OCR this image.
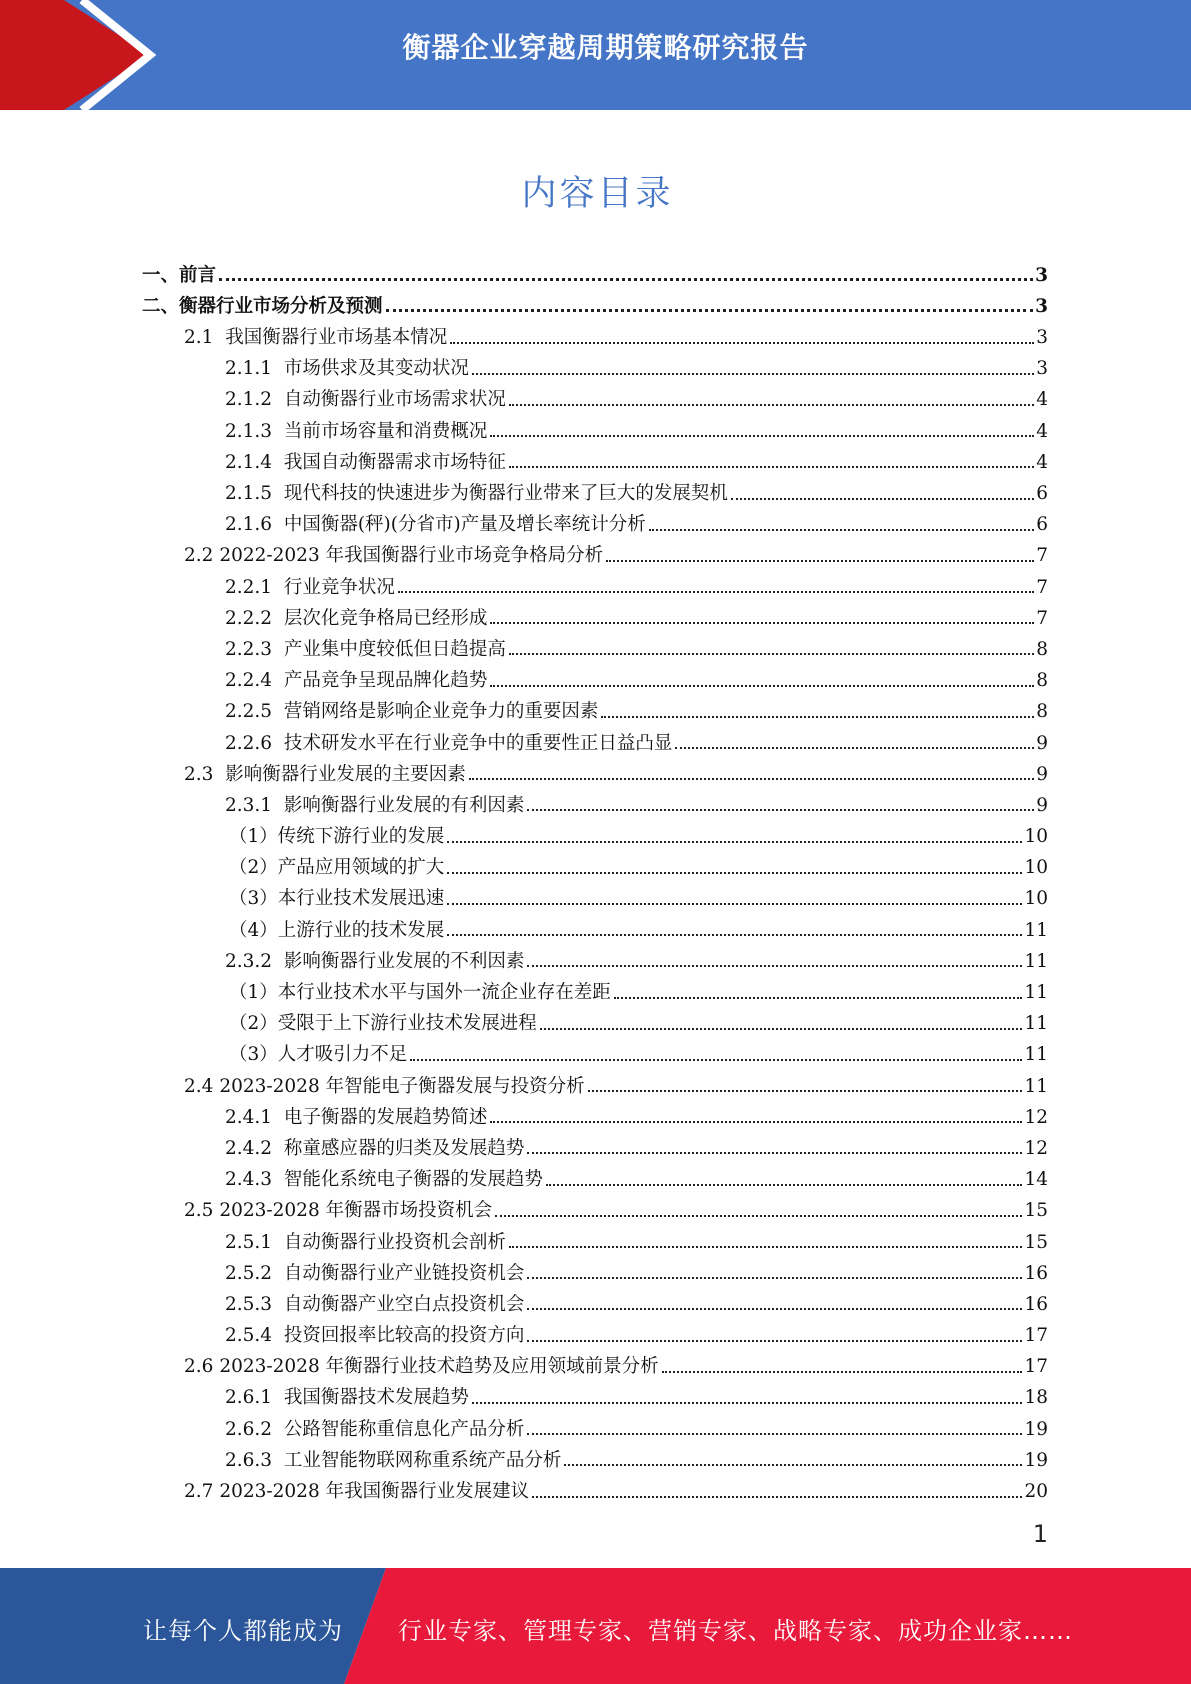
衡器企业穿越周期策略研究报告
内容目录
一、 前言	3
二、 衡器行业市场分析及预测	3
2.1 我国衡器行业市场基本情况	3
2.1.1 市场供求及其变动状况	3
2.1.2 自动衡器行业市场需求状况	4
2.1.3 当前市场容量和消费概况	4
2.1.4 我国自动衡器需求市场特征	4
2.1.5 现代科技的快速进步为衡器行业带来了巨大的发展契机	6
2.1.6 中国衡器(秤)(分省市)产量及增长率统计分析	6
2.2 2022-2023 年我国衡器行业市场竞争格局分析	7
2.2.1 行业竞争状况	7
2.2.2 层次化竞争格局已经形成	7
2.2.3 产业集中度较低但日趋提高	8
2.2.4 产品竞争呈现品牌化趋势	8
2.2.5 营销网络是影响企业竞争力的重要因素	8
2.2.6 技术研发水平在行业竞争中的重要性正日益凸显	9
2.3 影响衡器行业发展的主要因素	9
2.3.1 影响衡器行业发展的有利因素	9
（1） 传统下游行业的发展	10
（2） 产品应用领域的扩大	10
（3） 本行业技术发展迅速	10
（4） 上游行业的技术发展	11
2.3.2 影响衡器行业发展的不利因素	11
（1） 本行业技术水平与国外一流企业存在差距	11
（2） 受限于上下游行业技术发展进程	11
（3） 人才吸引力不足	11
2.4 2023-2028 年智能电子衡器发展与投资分析	11
2.4.1 电子衡器的发展趋势简述	12
2.4.2 称童感应器的归类及发展趋势	12
2.4.3 智能化系统电子衡器的发展趋势	14
2.5 2023-2028 年衡器市场投资机会	15
2.5.1 自动衡器行业投资机会剖析	15
2.5.2 自动衡器行业产业链投资机会	16
2.5.3 自动衡器产业空白点投资机会	16
2.5.4 投资回报率比较高的投资方向	17
2.6 2023-2028 年衡器行业技术趋势及应用领域前景分析	17
2.6.1 我国衡器技术发展趋势	18
2.6.2 公路智能称重信息化产品分析	19
2.6.3 工业智能物联网称重系统产品分析	19
2.7 2023-2028 年我国衡器行业发展建议	20
1
让每个人都能成为 行业专家、管理专家、营销专家、战略专家、成功企业家……
